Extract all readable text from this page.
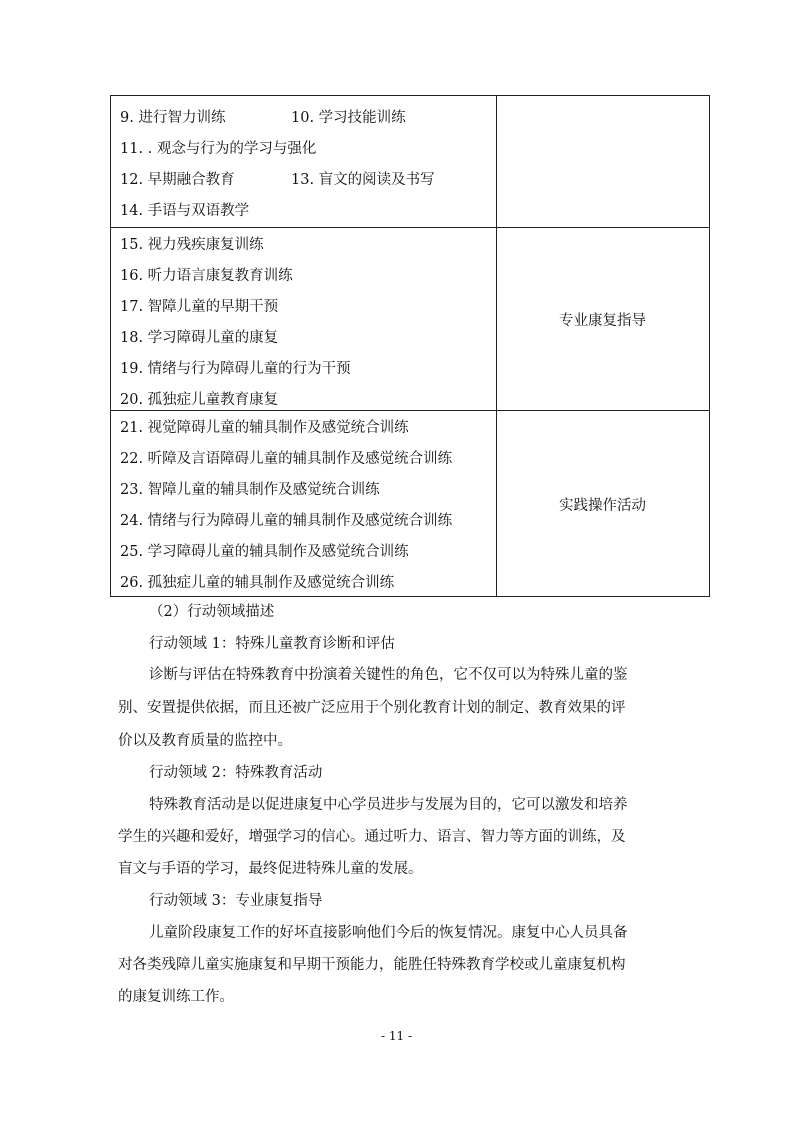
9. 进行智力训练	10. 学习技能训练
11. . 观念与行为的学习与强化
12. 早期融合教育	13. 盲文的阅读及书写
14. 手语与双语教学
15. 视力残疾康复训练
16. 听力语言康复教育训练
17. 智障儿童的早期干预
18. 学习障碍儿童的康复
19. 情绪与行为障碍儿童的行为干预
20. 孤独症儿童教育康复
专业康复指导
21. 视觉障碍儿童的辅具制作及感觉统合训练
22. 听障及言语障碍儿童的辅具制作及感觉统合训练
23. 智障儿童的辅具制作及感觉统合训练
24. 情绪与行为障碍儿童的辅具制作及感觉统合训练
25. 学习障碍儿童的辅具制作及感觉统合训练
26. 孤独症儿童的辅具制作及感觉统合训练
实践操作活动
（2）行动领域描述
行动领域 1：特殊儿童教育诊断和评估
诊断与评估在特殊教育中扮演着关键性的角色，它不仅可以为特殊儿童的鉴
别、安置提供依据，而且还被广泛应用于个别化教育计划的制定、教育效果的评
价以及教育质量的监控中。
行动领域 2：特殊教育活动
特殊教育活动是以促进康复中心学员进步与发展为目的，它可以激发和培养
学生的兴趣和爱好，增强学习的信心。通过听力、语言、智力等方面的训练，及
盲文与手语的学习，最终促进特殊儿童的发展。
行动领域 3：专业康复指导
儿童阶段康复工作的好坏直接影响他们今后的恢复情况。康复中心人员具备
对各类残障儿童实施康复和早期干预能力，能胜任特殊教育学校或儿童康复机构
的康复训练工作。
- 11 -
